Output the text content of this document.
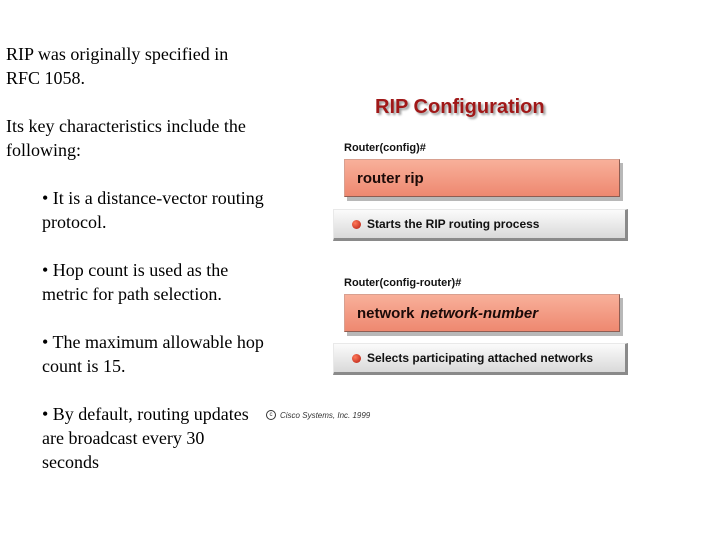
RIP was originally specified in RFC 1058.

Its key characteristics include the following:

• It is a distance-vector routing protocol.
• Hop count is used as the metric for path selection.
• The maximum allowable hop count is 15.
• By default, routing updates are broadcast every 30 seconds
RIP Configuration
Router(config)#
router rip
Starts the RIP routing process
Router(config-router)#
network network-number
Selects participating attached networks
c Cisco Systems, Inc. 1999
